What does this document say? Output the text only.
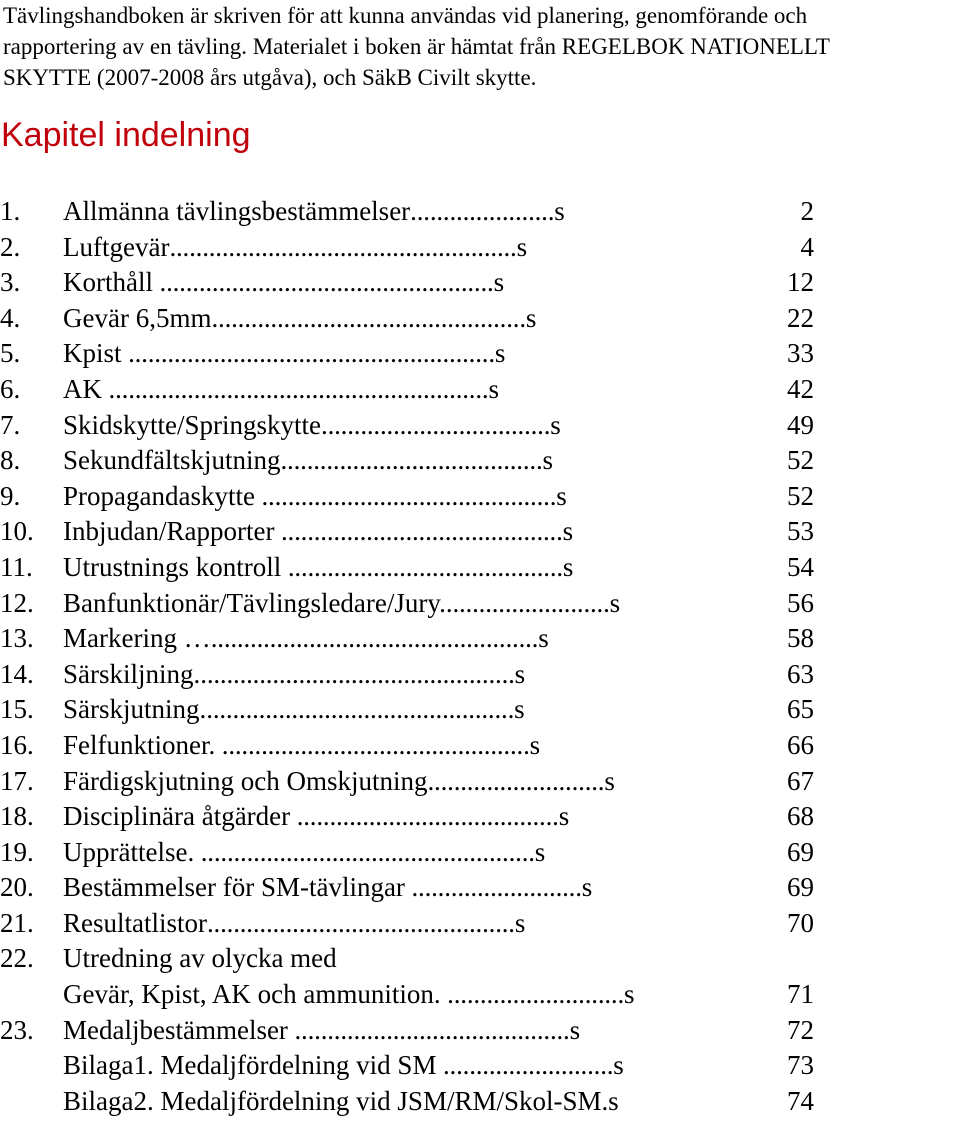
Tävlingshandboken är skriven för att kunna användas vid planering, genomförande och
rapportering av en tävling. Materialet i boken är hämtat från REGELBOK NATIONELLT
SKYTTE (2007-2008 års utgåva), och SäkB Civilt skytte.
Kapitel indelning
1. Allmänna tävlingsbestämmelser......................s	2
2. Luftgevär.....................................................s	4
3. Korthåll ...................................................s	12
4. Gevär 6,5mm................................................s	22
5. Kpist ........................................................s	33
6. AK ..........................................................s	42
7. Skidskytte/Springskytte...................................s	49
8. Sekundfältskjutning........................................s	52
9. Propagandaskytte .............................................s	52
10. Inbjudan/Rapporter ...........................................s	53
11. Utrustnings kontroll ..........................................s	54
12. Banfunktionär/Tävlingsledare/Jury..........................s	56
13. Markering …..................................................s	58
14. Särskiljning.................................................s	63
15. Särskjutning................................................s	65
16. Felfunktioner. ...............................................s	66
17. Färdigskjutning och Omskjutning...........................s	67
18. Disciplinära åtgärder ........................................s	68
19. Upprättelse. ...................................................s	69
20. Bestämmelser för SM-tävlingar ..........................s	69
21. Resultatlistor...............................................s	70
22. Utredning av olycka med
Gevär, Kpist, AK och ammunition. ...........................s	71
23. Medaljbestämmelser ..........................................s	72
Bilaga1. Medaljfördelning vid SM ..........................s	73
Bilaga2. Medaljfördelning vid JSM/RM/Skol-SM.s	74
